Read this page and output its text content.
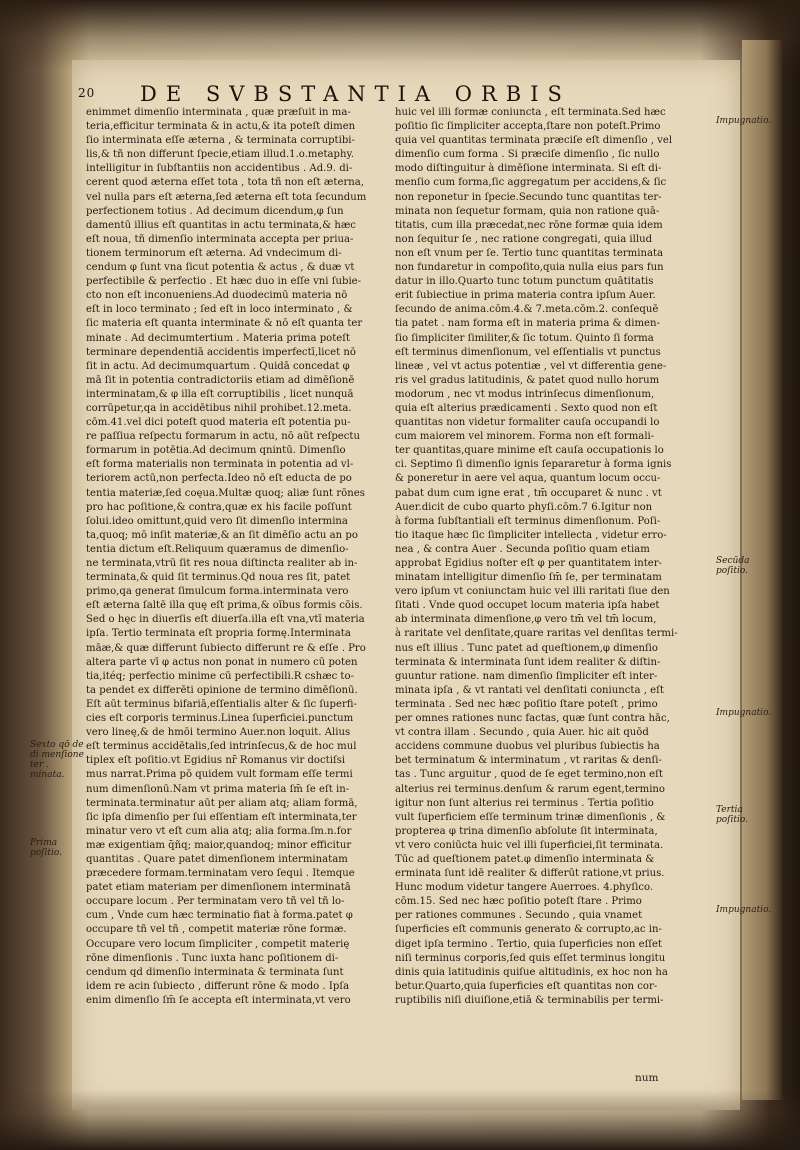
20 DE SVBSTANTIA ORBIS
enimmet dimenſio interminata , quæ præſuit in ma-
teria,efficitur terminata & in actu,& ita poteſt dimen
ſio interminata eſſe æterna , & terminata corruptibi-
lis,& tñ non differunt ſpecie,etiam illud.1.o.metaphy.
intelligitur in ſubſtantiis non accidentibus . Ad.9. di-
cerent quod æterna eſſet tota , tota tñ non eſt æterna,
vel nulla pars eſt æterna,ſed æterna eſt tota ſecundum
perfectionem totius . Ad decimum dicendum,φ ſun
damentū illius eſt quantitas in actu terminata,& hæc
eſt noua, tñ dimenſio interminata accepta per priua-
tionem terminorum eſt æterna. Ad vndecimum di-
cendum φ ſunt vna ſicut potentia & actus , & duæ vt
perfectibile & perfectio . Et hæc duo in eſſe vni ſubie-
cto non eſt inconueniens.Ad duodecimū materia nō
eſt in loco terminato ; ſed eſt in loco interminato , &
ſic materia eſt quanta interminate & nō eſt quanta ter
minate . Ad decimumtertium . Materia prima poteſt
terminare dependentiā accidentis imperfectī,licet nō
ſit in actu. Ad decimumquartum . Quidā concedat φ
mā ſit in potentia contradictoriis etiam ad dimēſionē
interminatam,& φ illa eſt corruptibilis , licet nunquā
corrūpetur,qa in accidētibus nihil prohibet.12.meta.
cōm.41.vel dici poteſt quod materia eſt potentia pu-
re paſſiua reſpectu formarum in actu, nō aūt reſpectu
formarum in potētia.Ad decimum qnintū. Dimenſio
eſt forma materialis non terminata in potentia ad vl-
teriorem actū,non perfecta.Ideo nō eſt educta de po
tentia materiæ,ſed coęua.Multæ quoq; aliæ ſunt rōnes
pro hac poſitione,& contra,quæ ex his facile poſſunt
ſolui.ideo omittunt,quid vero ſit dimenſio intermina
ta,quoq; mō inſit materiæ,& an ſit dimēſio actu an po
tentia dictum eſt.Reliquum quæramus de dimenſio-
ne terminata,vtrū ſit res noua diſtincta realiter ab in-
terminata,& quid ſit terminus.Qd̄ noua res ſit, patet
primo,qa generat ſimulcum forma.interminata vero
eſt æterna ſaltē illa quę eſt prima,& oībus formis cōis.
Sed o hęc in diuerſis eſt diuerſa.illa eſt vna,vtī materia
ipſa. Tertio terminata eſt propria formę.Interminata
māæ,& quæ differunt ſubiecto differunt re & eſſe . Pro
altera parte vī φ actus non ponat in numero cū poten
tia,itéq; perfectio minime cū perfectibili.R cshæc to-
ta pendet ex differēti opinione de termino dimēſionū.
Eſt aūt terminus bifariā,eſſentialis alter & ſic ſuperfi-
cies eſt corporis terminus.Linea ſuperficiei.punctum
vero lineę,& de hmōi termino Auer.non loquit. Alius
eſt terminus accidētalis,ſed intrinſecus,& de hoc mul
tiplex eſt poſitio.vt Egidius nr̄ Romanus vir doctiſsi
mus narrat.Prima pō quidem vult formam eſſe termi
num dimenſionū.Nam vt prima materia ſm̄ ſe eſt in-
terminata.terminatur aūt per aliam atq; aliam formā,
ſic ipſa dimenſio per ſui eſſentiam eſt interminata,ter
minatur vero vt eſt cum alia atq; alia forma.ſm.n.for
mæ exigentiam q̄ñq; maior,quandoq; minor efficitur
quantitas . Quare patet dimenſionem interminatam
præcedere formam.terminatam vero ſequi . Itemque
patet etiam materiam per dimenſionem interminatā
occupare locum . Per terminatam vero tñ vel tñ lo-
cum , Vnde cum hæc terminatio fiat à forma.patet φ
occupare tñ vel tñ , competit materiæ rōne formæ.
Occupare vero locum ſimpliciter , competit materię
rōne dimenſionis . Tunc iuxta hanc poſitionem di-
cendum qd̄ dimenſio interminata & terminata ſunt
idem re acin ſubiecto , differunt rōne & modo . Ipſa
enim dimenſio ſm̄ ſe accepta eſt interminata,vt vero
huic vel illi formæ coniuncta , eſt terminata.Sed hæc
poſitio ſic ſimpliciter accepta,ſtare non poteſt.Primo
quia vel quantitas terminata præciſe eſt dimenſio , vel
dimenſio cum forma . Si præciſe dimenſio , ſic nullo
modo diſtinguitur à dimēſione interminata. Si eſt di-
menſio cum forma,ſic aggregatum per accidens,& ſic
non reponetur in ſpecie.Secundo tunc quantitas ter-
minata non ſequetur formam, quia non ratione quā-
titatis, cum illa præcedat,nec rōne formæ quia idem
non ſequitur ſe , nec ratione congregati, quia illud
non eſt vnum per ſe. Tertio tunc quantitas terminata
non fundaretur in compoſito,quia nulla eius pars fun
datur in illo.Quarto tunc totum punctum quātitatis
erit ſubiectiue in prima materia contra ipſum Auer.
ſecundo de anima.cōm.4.& 7.meta.cōm.2. conſequē
tia patet . nam forma eſt in materia prima & dimen-
ſio ſimpliciter ſimiliter,& ſic totum. Quinto ſi forma
eſt terminus dimenſionum, vel eſſentialis vt punctus
lineæ , vel vt actus potentiæ , vel vt differentia gene-
ris vel gradus latitudinis, & patet quod nullo horum
modorum , nec vt modus intrinſecus dimenſionum,
quia eſt alterius prædicamenti . Sexto quod non eſt
quantitas non videtur formaliter cauſa occupandi lo
cum maiorem vel minorem. Forma non eſt formali-
ter quantitas,quare minime eſt cauſa occupationis lo
ci. Septimo ſi dimenſio ignis ſepararetur à forma ignis
& poneretur in aere vel aqua, quantum locum occu-
pabat dum cum igne erat , tm̄ occuparet & nunc . vt
Auer.dicit de cubo quarto phyſi.cōm.7 6.Igitur non
à forma ſubſtantiali eſt terminus dimenſionum. Poſi-
tio itaque hæc ſic ſimpliciter intellecta , videtur erro-
nea , & contra Auer . Secunda poſitio quam etiam
approbat Egidius noſter eſt φ per quantitatem inter-
minatam intelligitur dimenſio ſm̄ ſe, per terminatam
vero ipſum vt coniunctam huic vel illi raritati ſiue den
ſitati . Vnde quod occupet locum materia ipſa habet
ab interminata dimenſione,φ vero tm̄ vel tm̄ locum,
à raritate vel denſitate,quare raritas vel denſitas termi-
nus eſt illius . Tunc patet ad queſtionem,φ dimenſio
terminata & interminata ſunt idem realiter & diſtin-
guuntur ratione. nam dimenſio ſimpliciter eſt inter-
minata ipſa , & vt rantati vel denſitati coniuncta , eſt
terminata . Sed nec hæc poſitio ſtare poteſt , primo
per omnes rationes nunc factas, quæ ſunt contra hāc,
vt contra illam . Secundo , quia Auer. hic ait quōd
accidens commune duobus vel pluribus ſubiectis ha
bet terminatum & interminatum , vt raritas & denſi-
tas . Tunc arguitur , quod de ſe eget termino,non eſt
alterius rei terminus.denſum & rarum egent,termino
igitur non ſunt alterius rei terminus . Tertia poſitio
vult ſuperficiem eſſe terminum trinæ dimenſionis , &
propterea φ trina dimenſio abſolute ſit interminata,
vt vero coniūcta huic vel illi ſuperficiei,ſit terminata.
Tūc ad queſtionem patet.φ dimenſio interminata &
erminata ſunt idē realiter & differūt ratione,vt prius.
Hunc modum videtur tangere Auerroes. 4.phyſico.
cōm.15. Sed nec hæc poſitio poteſt ſtare . Primo
per rationes communes . Secundo , quia vnamet
ſuperficies eſt communis generato & corrupto,ac in-
diget ipſa termino . Tertio, quia ſuperficies non eſſet
niſi terminus corporis,ſed quis eſſet terminus longitu
dinis quia latitudinis quiſue altitudinis, ex hoc non ha
betur.Quarto,quia ſuperficies eſt quantitas non cor-
ruptibilis niſi diuiſione,etiā & terminabilis per termi-
Sexto qō de di menſione ter . minata.
Prima poſitio.
Impugnatio.
Secūda poſitio.
Impugnatio.
Tertia poſitio.
Impugnatio.
num
